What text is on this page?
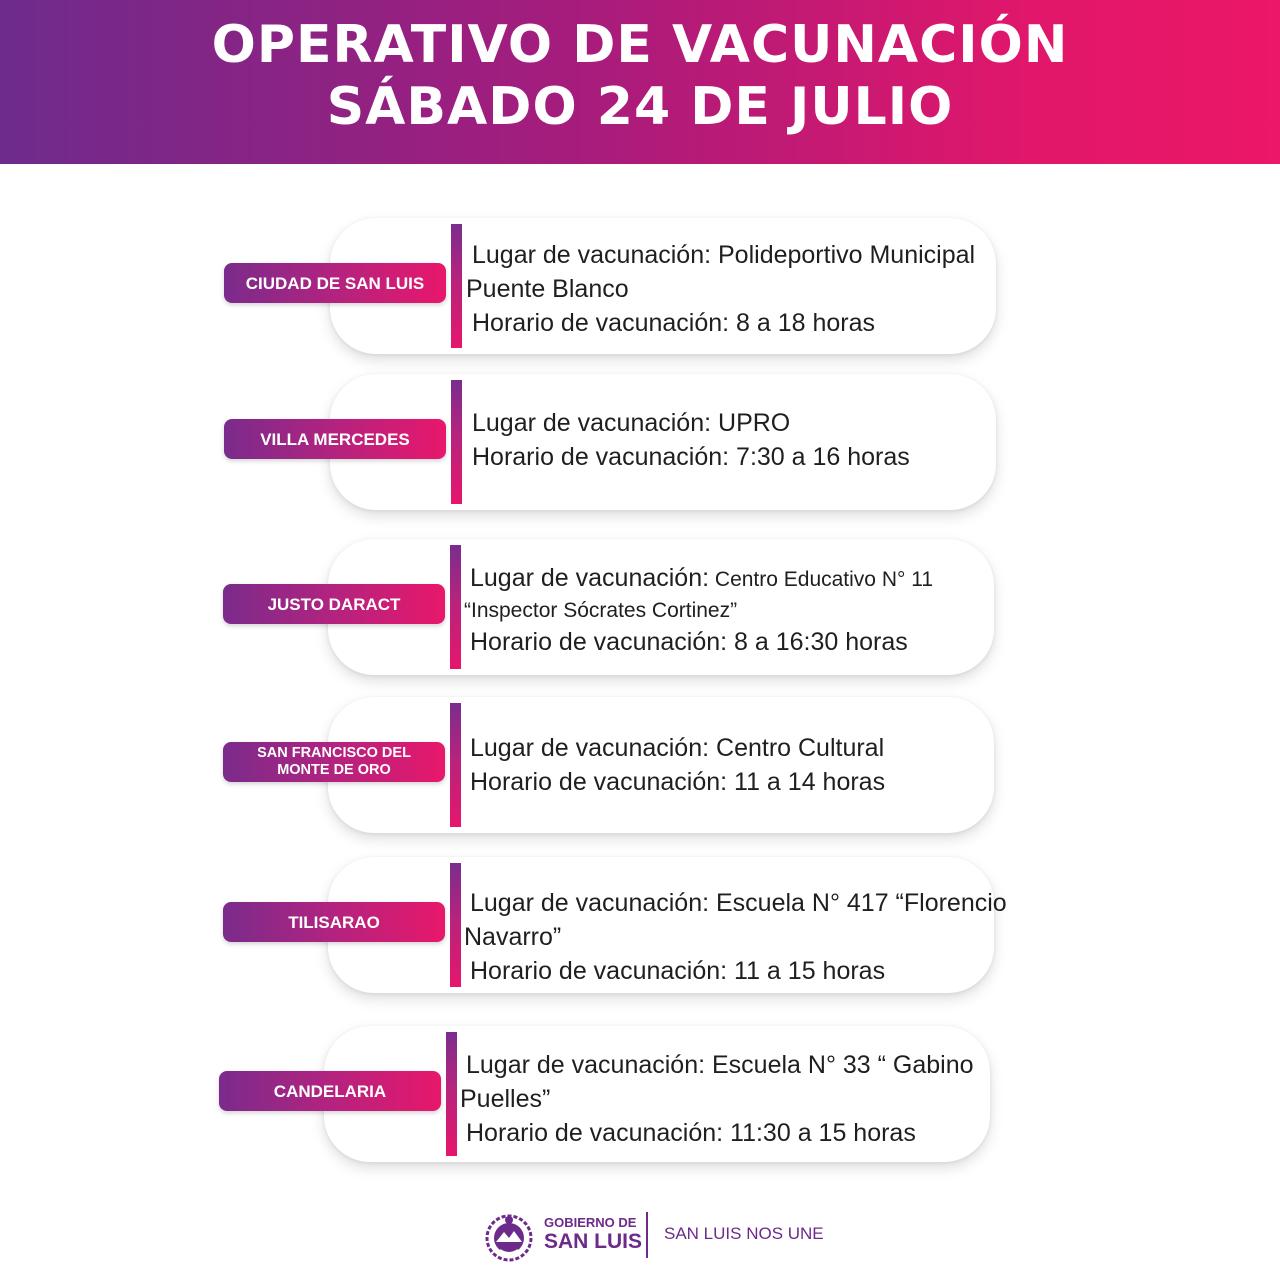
OPERATIVO DE VACUNACIÓN
SÁBADO 24 DE JULIO
CIUDAD DE SAN LUIS
Lugar de vacunación: Polideportivo Municipal
Puente Blanco
Horario de vacunación: 8 a 18 horas
VILLA MERCEDES
Lugar de vacunación: UPRO
Horario de vacunación: 7:30 a 16 horas
JUSTO DARACT
Lugar de vacunación: Centro Educativo N° 11
“Inspector Sócrates Cortinez”
Horario de vacunación: 8 a 16:30 horas
SAN FRANCISCO DEL MONTE DE ORO
Lugar de vacunación: Centro Cultural
Horario de vacunación: 11 a 14 horas
TILISARAO
Lugar de vacunación: Escuela N° 417 “Florencio
Navarro”
Horario de vacunación: 11 a 15 horas
CANDELARIA
Lugar de vacunación: Escuela N° 33 “ Gabino
Puelles”
Horario de vacunación: 11:30 a 15 horas
GOBIERNO DE
SAN LUIS SAN LUIS NOS UNE
